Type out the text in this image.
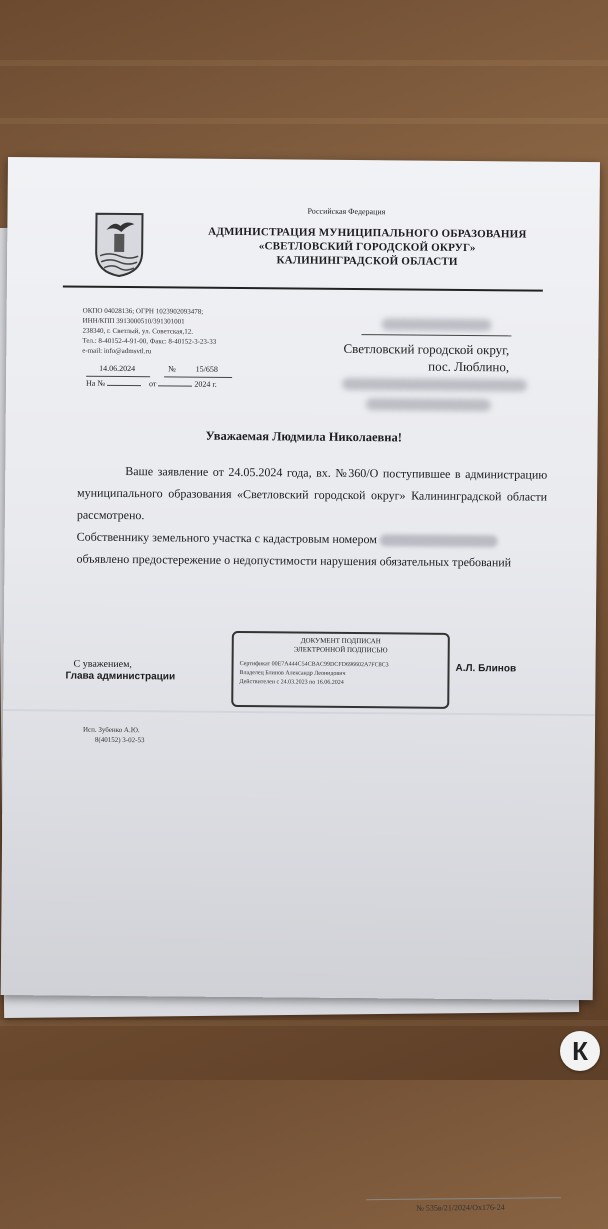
№ 535в/21/2024/Ох176-24
Российская Федерация
АДМИНИСТРАЦИЯ МУНИЦИПАЛЬНОГО ОБРАЗОВАНИЯ
«СВЕТЛОВСКИЙ ГОРОДСКОЙ ОКРУГ»
КАЛИНИНГРАДСКОЙ ОБЛАСТИ
ОКПО 04028136; ОГРН 1023902093478;
ИНН/КПП 3913000510/391301001
238340, г. Светлый, ул. Советская,12.
Тел.: 8-40152-4-91-00, Факс: 8-40152-3-23-33
e-mail: info@admsvtl.ru
14.06.2024	№ 15/658
На №	от	2024 г.
Светловский городской округ,
пос. Люблино,
Уважаемая Людмила Николаевна!

Ваше заявление от 24.05.2024 года, вх. №360/О поступившее в администрацию муниципального образования «Светловский городской округ» Калининградской области рассмотрено.

Собственнику земельного участка с кадастровым номером

объявлено предостережение о недопустимости нарушения обязательных требований

С уважением,
Глава администрации
ДОКУМЕНТ ПОДПИСАН
ЭЛЕКТРОННОЙ ПОДПИСЬЮ
Сертификат 00E7A444C54CBAC99DCFD696602A7FC8C3
Владелец Блинов Александр Леонидович
Действителен с 24.03.2023 по 16.06.2024
А.Л. Блинов
Исп. Зубенко А.Ю.
8(40152) 3-02-53
К
